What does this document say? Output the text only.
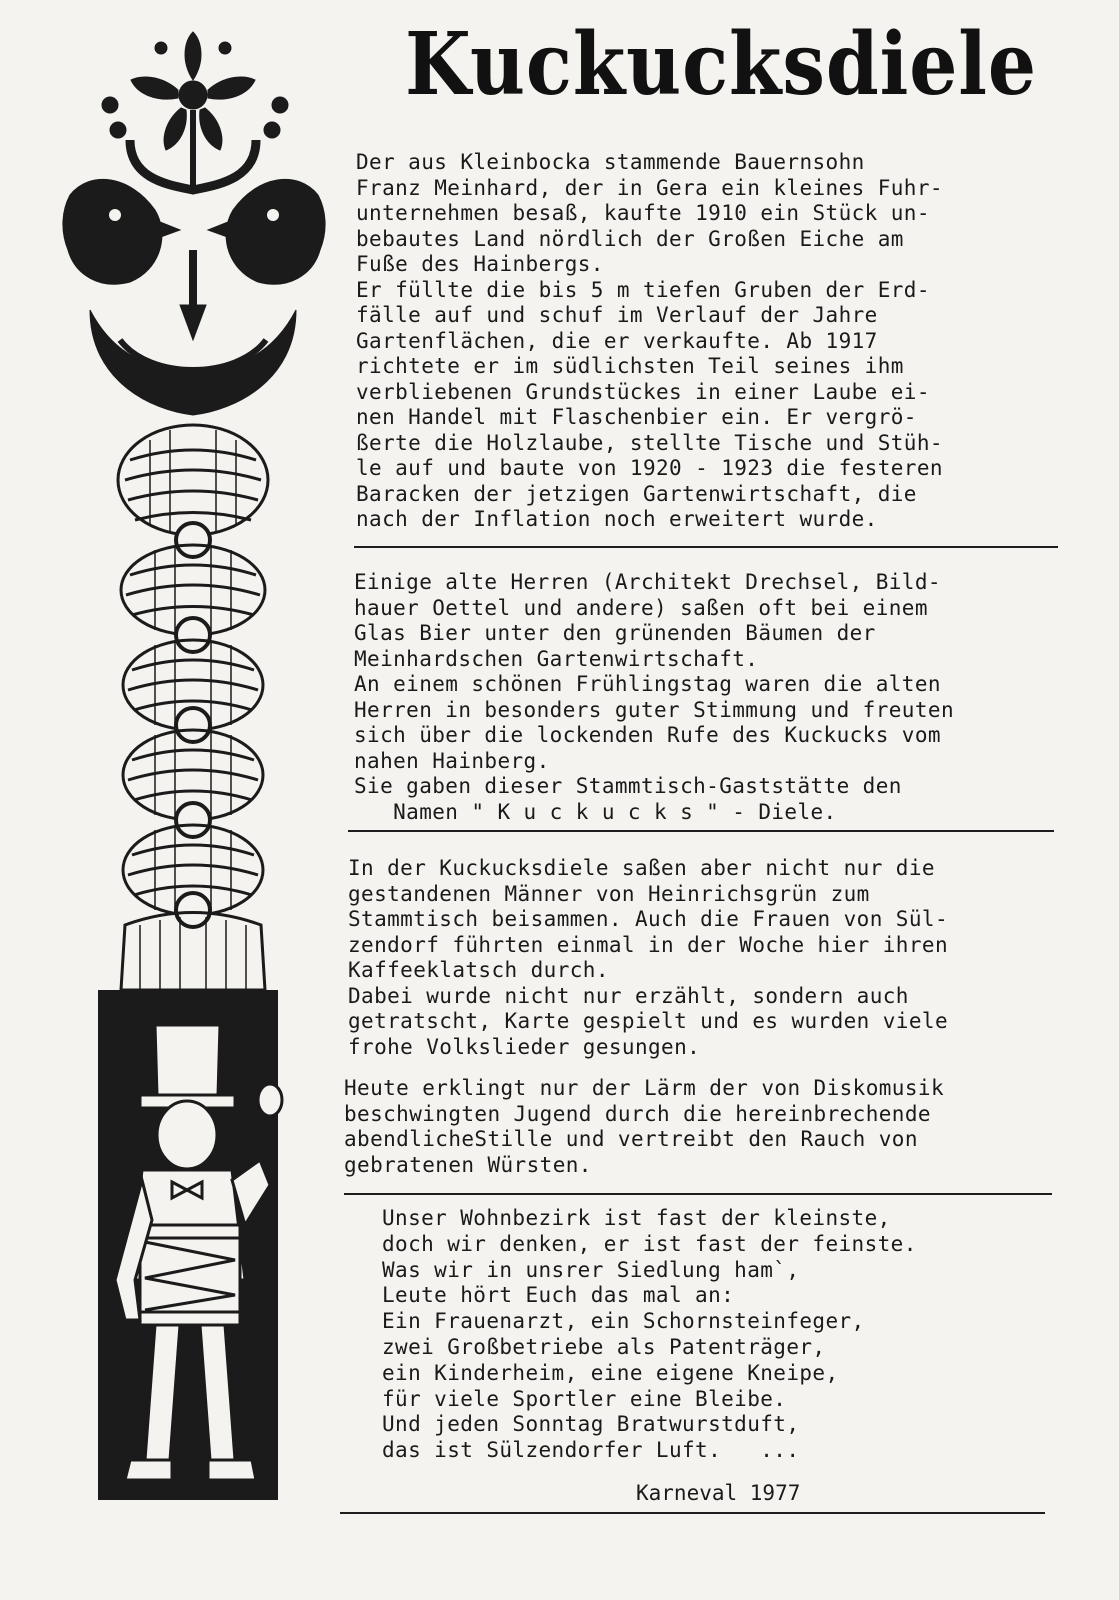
Kuckucksdiele
Der aus Kleinbocka stammende Bauernsohn
Franz Meinhard, der in Gera ein kleines Fuhr-
unternehmen besaß, kaufte 1910 ein Stück un-
bebautes Land nördlich der Großen Eiche am
Fuße des Hainbergs.
Er füllte die bis 5 m tiefen Gruben der Erd-
fälle auf und schuf im Verlauf der Jahre
Gartenflächen, die er verkaufte. Ab 1917
richtete er im südlichsten Teil seines ihm
verbliebenen Grundstückes in einer Laube ei-
nen Handel mit Flaschenbier ein. Er vergrö-
ßerte die Holzlaube, stellte Tische und Stüh-
le auf und baute von 1920 - 1923 die festeren
Baracken der jetzigen Gartenwirtschaft, die
nach der Inflation noch erweitert wurde.
Einige alte Herren (Architekt Drechsel, Bild-
hauer Oettel und andere) saßen oft bei einem
Glas Bier unter den grünenden Bäumen der
Meinhardschen Gartenwirtschaft.
An einem schönen Frühlingstag waren die alten
Herren in besonders guter Stimmung und freuten
sich über die lockenden Rufe des Kuckucks vom
nahen Hainberg.
Sie gaben dieser Stammtisch-Gaststätte den
Namen " K u c k u c k s " - Diele.
In der Kuckucksdiele saßen aber nicht nur die
gestandenen Männer von Heinrichsgrün zum
Stammtisch beisammen. Auch die Frauen von Sül-
zendorf führten einmal in der Woche hier ihren
Kaffeeklatsch durch.
Dabei wurde nicht nur erzählt, sondern auch
getratscht, Karte gespielt und es wurden viele
frohe Volkslieder gesungen.
Heute erklingt nur der Lärm der von Diskomusik
beschwingten Jugend durch die hereinbrechende
abendlicheStille und vertreibt den Rauch von
gebratenen Würsten.
Unser Wohnbezirk ist fast der kleinste,
doch wir denken, er ist fast der feinste.
Was wir in unsrer Siedlung ham`,
Leute hört Euch das mal an:
Ein Frauenarzt, ein Schornsteinfeger,
zwei Großbetriebe als Patenträger,
ein Kinderheim, eine eigene Kneipe,
für viele Sportler eine Bleibe.
Und jeden Sonntag Bratwurstduft,
das ist Sülzendorfer Luft.   ...
Karneval 1977
